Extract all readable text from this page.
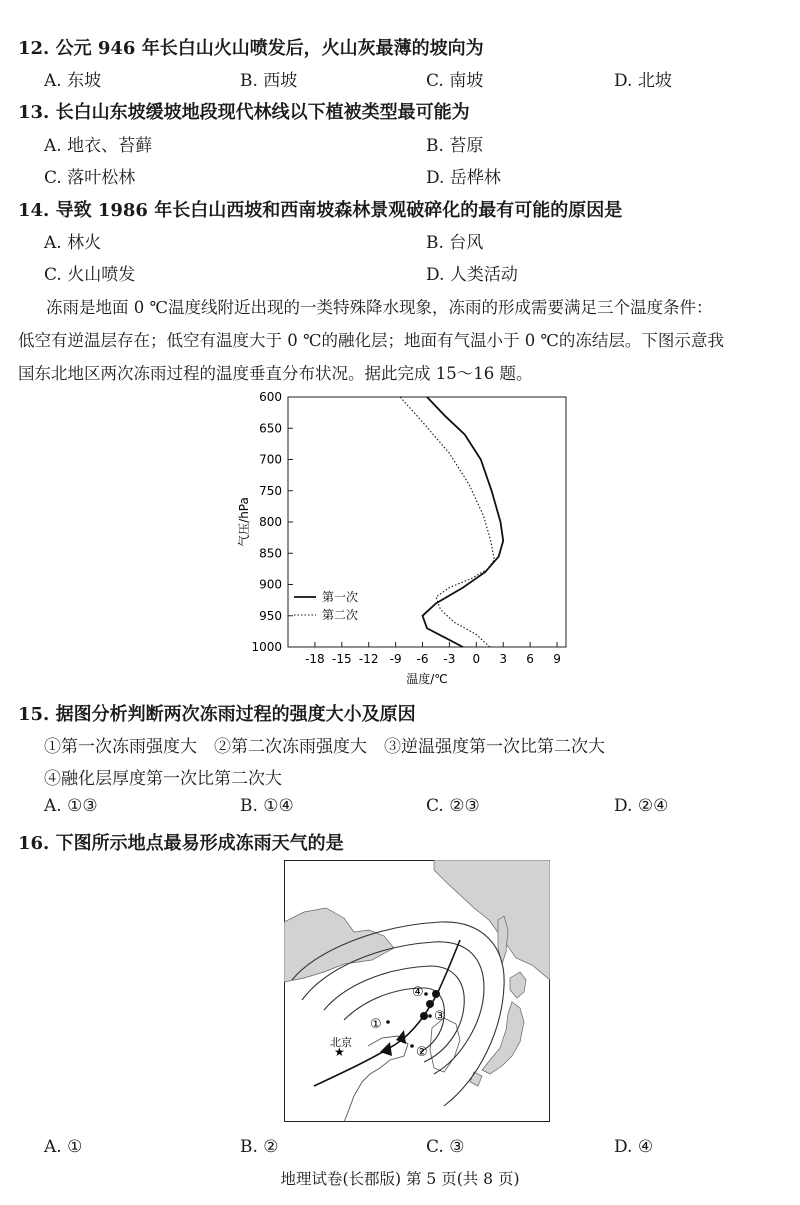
12. 公元 946 年长白山火山喷发后，火山灰最薄的坡向为
A. 东坡	B. 西坡	C. 南坡	D. 北坡
13. 长白山东坡缓坡地段现代林线以下植被类型最可能为
A. 地衣、苔藓	B. 苔原
C. 落叶松林	D. 岳桦林
14. 导致 1986 年长白山西坡和西南坡森林景观破碎化的最有可能的原因是
A. 林火	B. 台风
C. 火山喷发	D. 人类活动

冻雨是地面 0 ℃温度线附近出现的一类特殊降水现象，冻雨的形成需要满足三个温度条件：

低空有逆温层存在；低空有温度大于 0 ℃的融化层；地面有气温小于 0 ℃的冻结层。下图示意我

国东北地区两次冻雨过程的温度垂直分布状况。据此完成 15～16 题。

600
650
700
750
800
850
900
950
1000
-18 -15 -12 -9 -6 -3 0 3 6 9
温度/℃
气压/hPa
第一次
第二次
15. 据图分析判断两次冻雨过程的强度大小及原因
①第一次冻雨强度大　②第二次冻雨强度大　③逆温强度第一次比第二次大
④融化层厚度第一次比第二次大
A. ①③	B. ①④	C. ②③	D. ②④
16. 下图所示地点最易形成冻雨天气的是
★
北京
①
②
③
④
A. ①	B. ②	C. ③	D. ④
地理试卷(长郡版) 第 5 页(共 8 页)
